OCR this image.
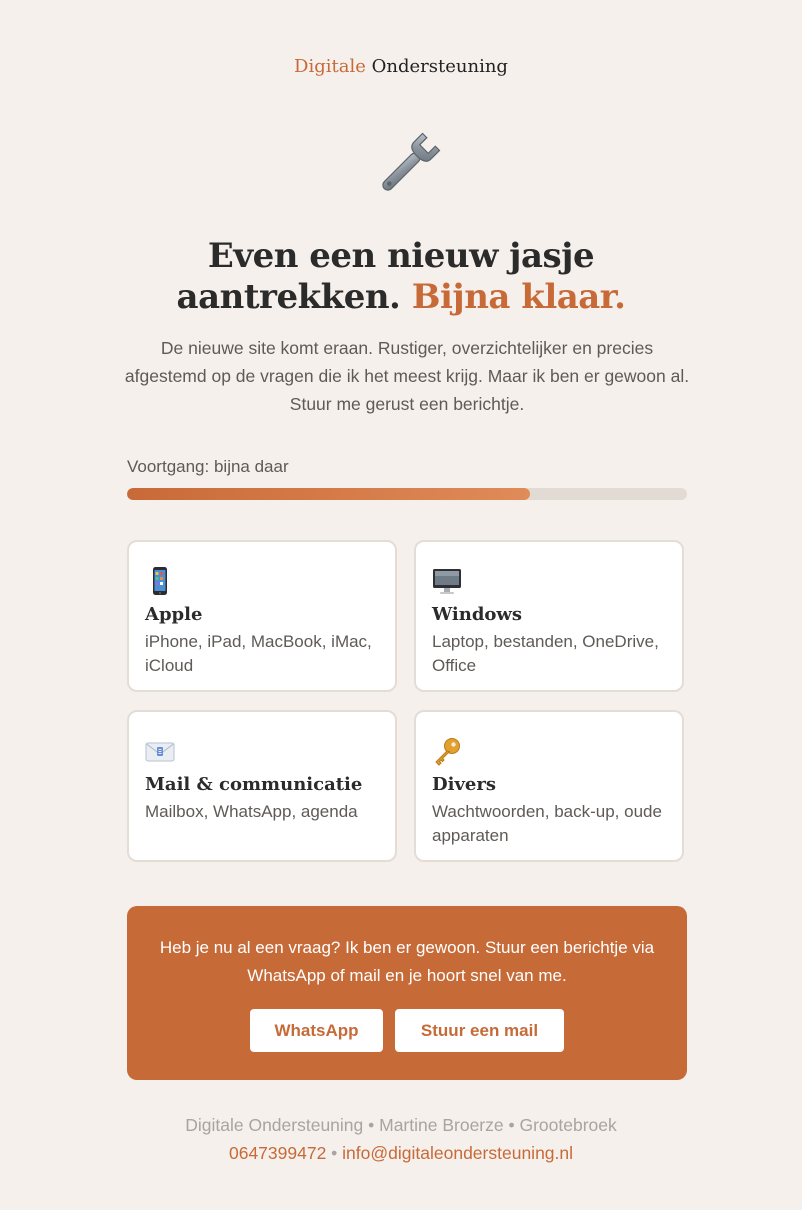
Digitale Ondersteuning
Even een nieuw jasje
aantrekken. Bijna klaar.
De nieuwe site komt eraan. Rustiger, overzichtelijker en precies afgestemd op de vragen die ik het meest krijg. Maar ik ben er gewoon al. Stuur me gerust een berichtje.
Voortgang: bijna daar
Apple
iPhone, iPad, MacBook, iMac, iCloud
Windows
Laptop, bestanden, OneDrive, Office
Mail & communicatie
Mailbox, WhatsApp, agenda
Divers
Wachtwoorden, back-up, oude apparaten
Heb je nu al een vraag? Ik ben er gewoon. Stuur een berichtje via WhatsApp of mail en je hoort snel van me.
WhatsApp	Stuur een mail
Digitale Ondersteuning • Martine Broerze • Grootebroek
0647399472 • info@digitaleondersteuning.nl
